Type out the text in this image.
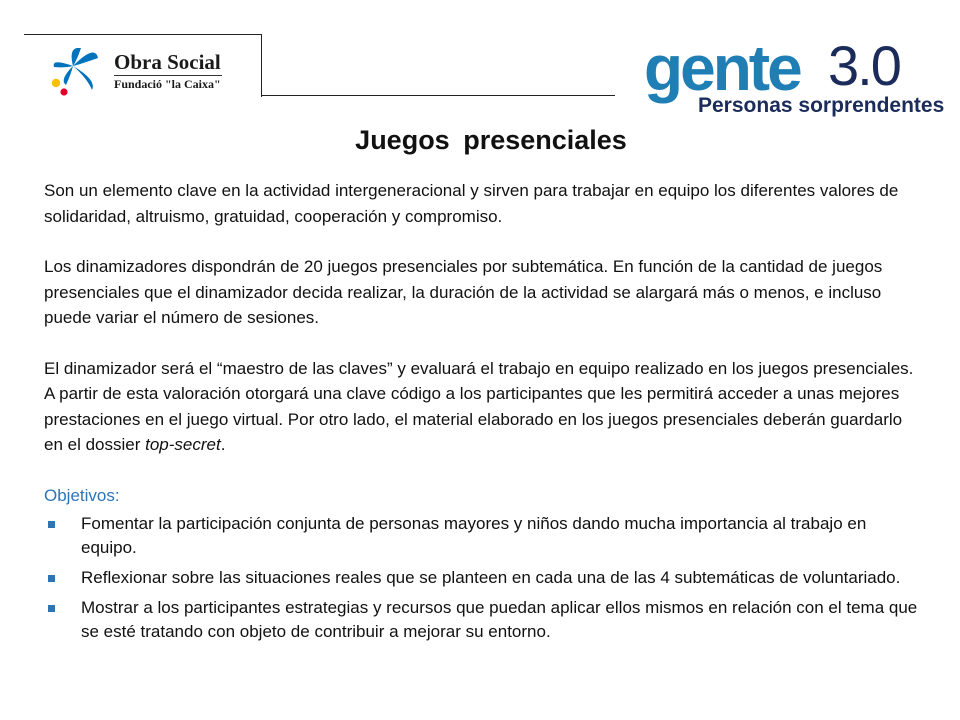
Obra Social
Fundació "la Caixa"	gente 3.0
Personas sorprendentes
Juegos presenciales

Son un elemento clave en la actividad intergeneracional y sirven para trabajar en equipo los diferentes valores de solidaridad, altruismo, gratuidad, cooperación y compromiso.

Los dinamizadores dispondrán de 20 juegos presenciales por subtemática. En función de la cantidad de juegos presenciales que el dinamizador decida realizar, la duración de la actividad se alargará más o menos, e incluso puede variar el número de sesiones.

El dinamizador será el “maestro de las claves” y evaluará el trabajo en equipo realizado en los juegos presenciales. A partir de esta valoración otorgará una clave código a los participantes que les permitirá acceder a unas mejores prestaciones en el juego virtual. Por otro lado, el material elaborado en los juegos presenciales deberán guardarlo en el dossier top-secret.

Objetivos:

Fomentar la participación conjunta de personas mayores y niños dando mucha importancia al trabajo en equipo.
Reflexionar sobre las situaciones reales que se planteen en cada una de las 4 subtemáticas de voluntariado.
Mostrar a los participantes estrategias y recursos que puedan aplicar ellos mismos en relación con el tema que se esté tratando con objeto de contribuir a mejorar su entorno.
